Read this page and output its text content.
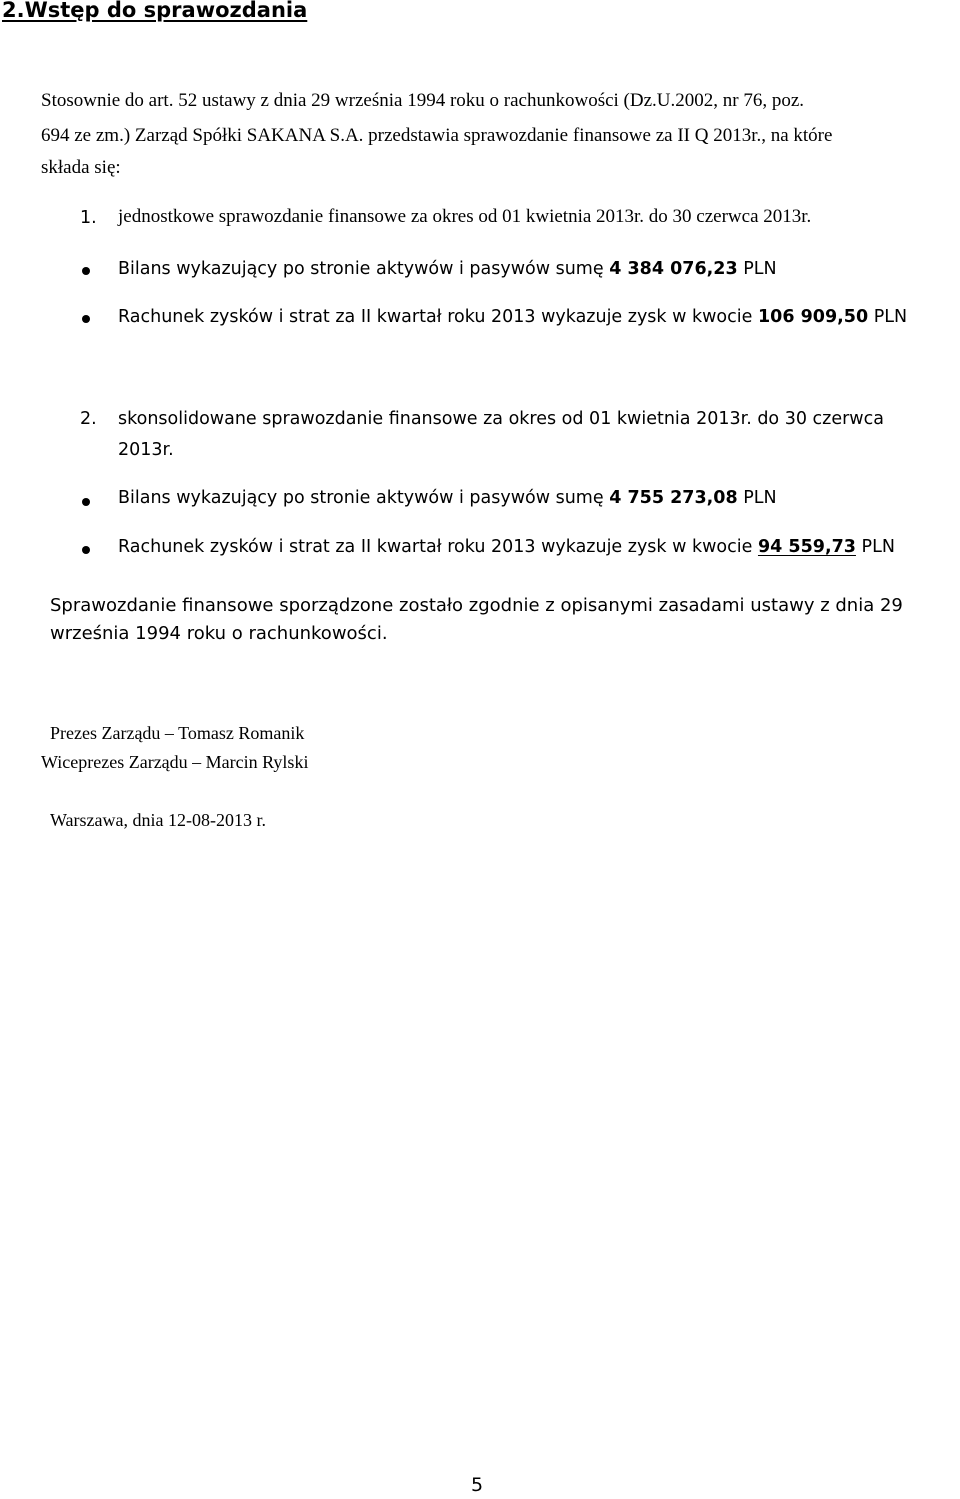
2.Wstęp do sprawozdania
Stosownie do art. 52 ustawy z dnia 29 września 1994 roku o rachunkowości (Dz.U.2002, nr 76, poz.
694 ze zm.) Zarząd Spółki SAKANA S.A. przedstawia sprawozdanie finansowe za II Q 2013r., na które
składa się:
1. jednostkowe sprawozdanie finansowe za okres od 01 kwietnia 2013r. do 30 czerwca 2013r.
Bilans wykazujący po stronie aktywów i pasywów sumę 4 384 076,23 PLN
Rachunek zysków i strat za II kwartał roku 2013 wykazuje zysk w kwocie 106 909,50 PLN
2. skonsolidowane sprawozdanie finansowe za okres od 01 kwietnia 2013r. do 30 czerwca
2013r.
Bilans wykazujący po stronie aktywów i pasywów sumę 4 755 273,08 PLN
Rachunek zysków i strat za II kwartał roku 2013 wykazuje zysk w kwocie 94 559,73 PLN
Sprawozdanie finansowe sporządzone zostało zgodnie z opisanymi zasadami ustawy z dnia 29
września 1994 roku o rachunkowości.
Prezes Zarządu – Tomasz Romanik
Wiceprezes Zarządu – Marcin Rylski
Warszawa, dnia 12-08-2013 r.
5
